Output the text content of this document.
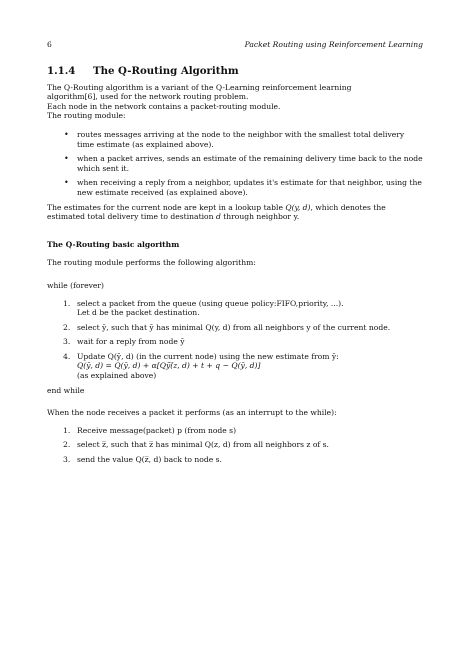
6	Packet Routing using Reinforcement Learning
1.1.4 The Q-Routing Algorithm

The Q-Routing algorithm is a variant of the Q-Learning reinforcement learning

algorithm[6], used for the network routing problem.

Each node in the network contains a packet-routing module.

The routing module:

• routes messages arriving at the node to the neighbor with the smallest total delivery time estimate (as explained above).
• when a packet arrives, sends an estimate of the remaining delivery time back to the node which sent it.
• when receiving a reply from a neighbor, updates it's estimate for that neighbor, using the new estimate received (as explained above).

The estimates for the current node are kept in a lookup table Q(y, d), which denotes the estimated total delivery time to destination d through neighbor y.

The Q-Routing basic algorithm

The routing module performs the following algorithm:

while (forever)

1. select a packet from the queue (using queue policy:FIFO,priority, ...).
Let d be the packet destination.
2. select ȳ, such that ȳ has minimal Q(y, d) from all neighbors y of the current node.
3. wait for a reply from node ȳ
4. Update Q(ȳ, d) (in the current node) using the new estimate from ȳ:
Q(ȳ, d) = Q(ȳ, d) + α[Qȳ(̅z, d) + t + q − Q(ȳ, d)]
(as explained above)

end while

When the node receives a packet it performs (as an interrupt to the while):

1. Receive message(packet) p (from node s)
2. select z̅, such that z̅ has minimal Q(z, d) from all neighbors z of s.
3. send the value Q(z̅, d) back to node s.
